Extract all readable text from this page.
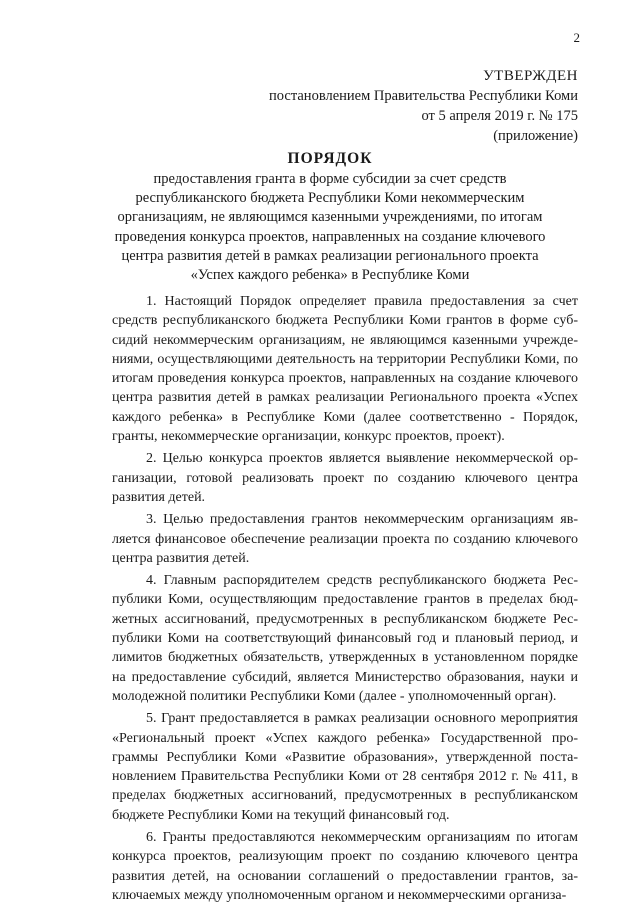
2
УТВЕРЖДЕН
постановлением Правительства Республики Коми
от 5 апреля 2019 г. № 175
(приложение)
ПОРЯДОК
предоставления гранта в форме субсидии за счет средств
республиканского бюджета Республики Коми некоммерческим
организациям, не являющимся казенными учреждениями, по итогам
проведения конкурса проектов, направленных на создание ключевого
центра развития детей в рамках реализации регионального проекта
«Успех каждого ребенка» в Республике Коми

1. Настоящий Порядок определяет правила предоставления за счет средств республиканского бюджета Республики Коми грантов в форме субсидий некоммерческим организациям, не являющимся казенными учреждениями, осуществляющими деятельность на территории Республики Коми, по итогам проведения конкурса проектов, направленных на создание ключевого центра развития детей в рамках реализации Регионального проекта «Успех каждого ребенка» в Республике Коми (далее соответственно - Порядок, гранты, некоммерческие организации, конкурс проектов, проект).

2. Целью конкурса проектов является выявление некоммерческой организации, готовой реализовать проект по созданию ключевого центра развития детей.

3. Целью предоставления грантов некоммерческим организациям является финансовое обеспечение реализации проекта по созданию ключевого центра развития детей.

4. Главным распорядителем средств республиканского бюджета Республики Коми, осуществляющим предоставление грантов в пределах бюджетных ассигнований, предусмотренных в республиканском бюджете Республики Коми на соответствующий финансовый год и плановый период, и лимитов бюджетных обязательств, утвержденных в установленном порядке на предоставление субсидий, является Министерство образования, науки и молодежной политики Республики Коми (далее - уполномоченный орган).

5. Грант предоставляется в рамках реализации основного мероприятия «Региональный проект «Успех каждого ребенка» Государственной программы Республики Коми «Развитие образования», утвержденной постановлением Правительства Республики Коми от 28 сентября 2012 г. № 411, в пределах бюджетных ассигнований, предусмотренных в республиканском бюджете Республики Коми на текущий финансовый год.

6. Гранты предоставляются некоммерческим организациям по итогам конкурса проектов, реализующим проект по созданию ключевого центра развития детей, на основании соглашений о предоставлении грантов, заключаемых между уполномоченным органом и некоммерческими организа-
